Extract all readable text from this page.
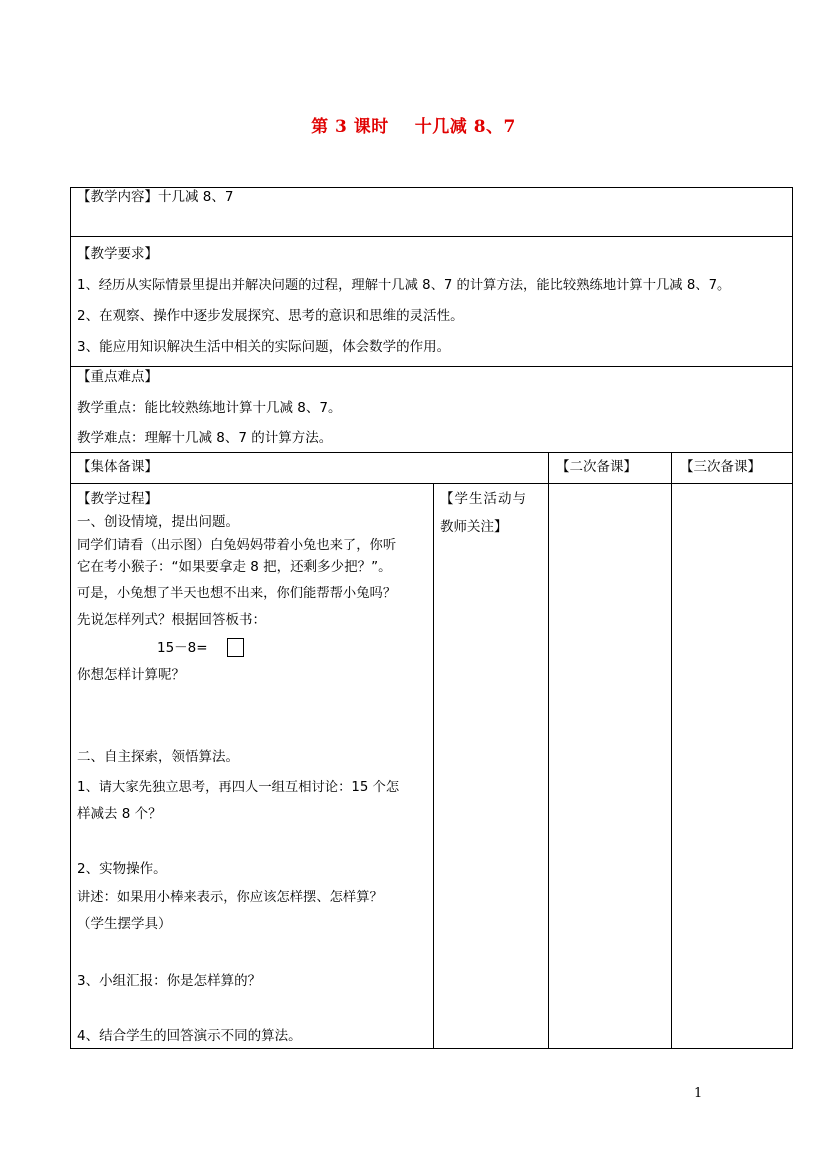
第 3 课时 十几减 8、7
【教学内容】十几减 8、7
【教学要求】
1、经历从实际情景里提出并解决问题的过程，理解十几减 8、7 的计算方法，能比较熟练地计算十几减 8、7。
2、在观察、操作中逐步发展探究、思考的意识和思维的灵活性。
3、能应用知识解决生活中相关的实际问题，体会数学的作用。
【重点难点】
教学重点：能比较熟练地计算十几减 8、7。
教学难点：理解十几减 8、7 的计算方法。
【集体备课】	【二次备课】	【三次备课】
【教学过程】
一、创设情境，提出问题。
同学们请看（出示图）白兔妈妈带着小兔也来了，你听
它在考小猴子：“如果要拿走 8 把，还剩多少把？”。
可是，小兔想了半天也想不出来，你们能帮帮小兔吗？
先说怎样列式？根据回答板书：
15－8=
你想怎样计算呢？
二、自主探索，领悟算法。
1、请大家先独立思考，再四人一组互相讨论：15 个怎
样减去 8 个？
2、实物操作。
讲述：如果用小棒来表示，你应该怎样摆、怎样算？
（学生摆学具）
3、小组汇报：你是怎样算的？
4、结合学生的回答演示不同的算法。
【学生活动与
教师关注】
1
